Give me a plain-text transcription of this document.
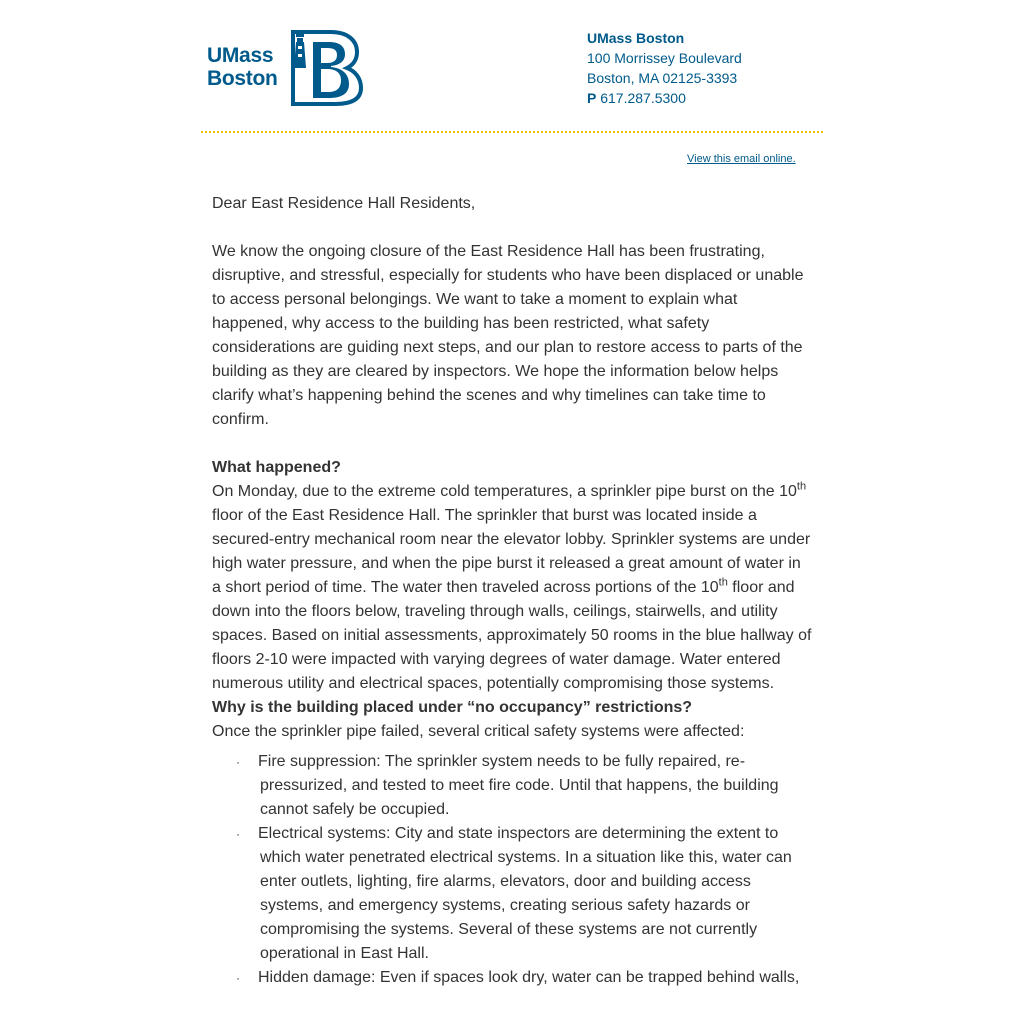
UMass
Boston
UMass Boston
100 Morrissey Boulevard
Boston, MA 02125-3393
P 617.287.5300
View this email online.

Dear East Residence Hall Residents,

We know the ongoing closure of the East Residence Hall has been frustrating, disruptive, and stressful, especially for students who have been displaced or unable to access personal belongings. We want to take a moment to explain what happened, why access to the building has been restricted, what safety considerations are guiding next steps, and our plan to restore access to parts of the building as they are cleared by inspectors. We hope the information below helps clarify what’s happening behind the scenes and why timelines can take time to confirm.

What happened?

On Monday, due to the extreme cold temperatures, a sprinkler pipe burst on the 10th floor of the East Residence Hall. The sprinkler that burst was located inside a secured-entry mechanical room near the elevator lobby. Sprinkler systems are under high water pressure, and when the pipe burst it released a great amount of water in a short period of time. The water then traveled across portions of the 10th floor and down into the floors below, traveling through walls, ceilings, stairwells, and utility spaces. Based on initial assessments, approximately 50 rooms in the blue hallway of floors 2-10 were impacted with varying degrees of water damage. Water entered numerous utility and electrical spaces, potentially compromising those systems.

Why is the building placed under “no occupancy” restrictions?

Once the sprinkler pipe failed, several critical safety systems were affected:

· Fire suppression: The sprinkler system needs to be fully repaired, re-pressurized, and tested to meet fire code. Until that happens, the building cannot safely be occupied.
· Electrical systems: City and state inspectors are determining the extent to which water penetrated electrical systems. In a situation like this, water can enter outlets, lighting, fire alarms, elevators, door and building access systems, and emergency systems, creating serious safety hazards or compromising the systems. Several of these systems are not currently operational in East Hall.
· Hidden damage: Even if spaces look dry, water can be trapped behind walls,
